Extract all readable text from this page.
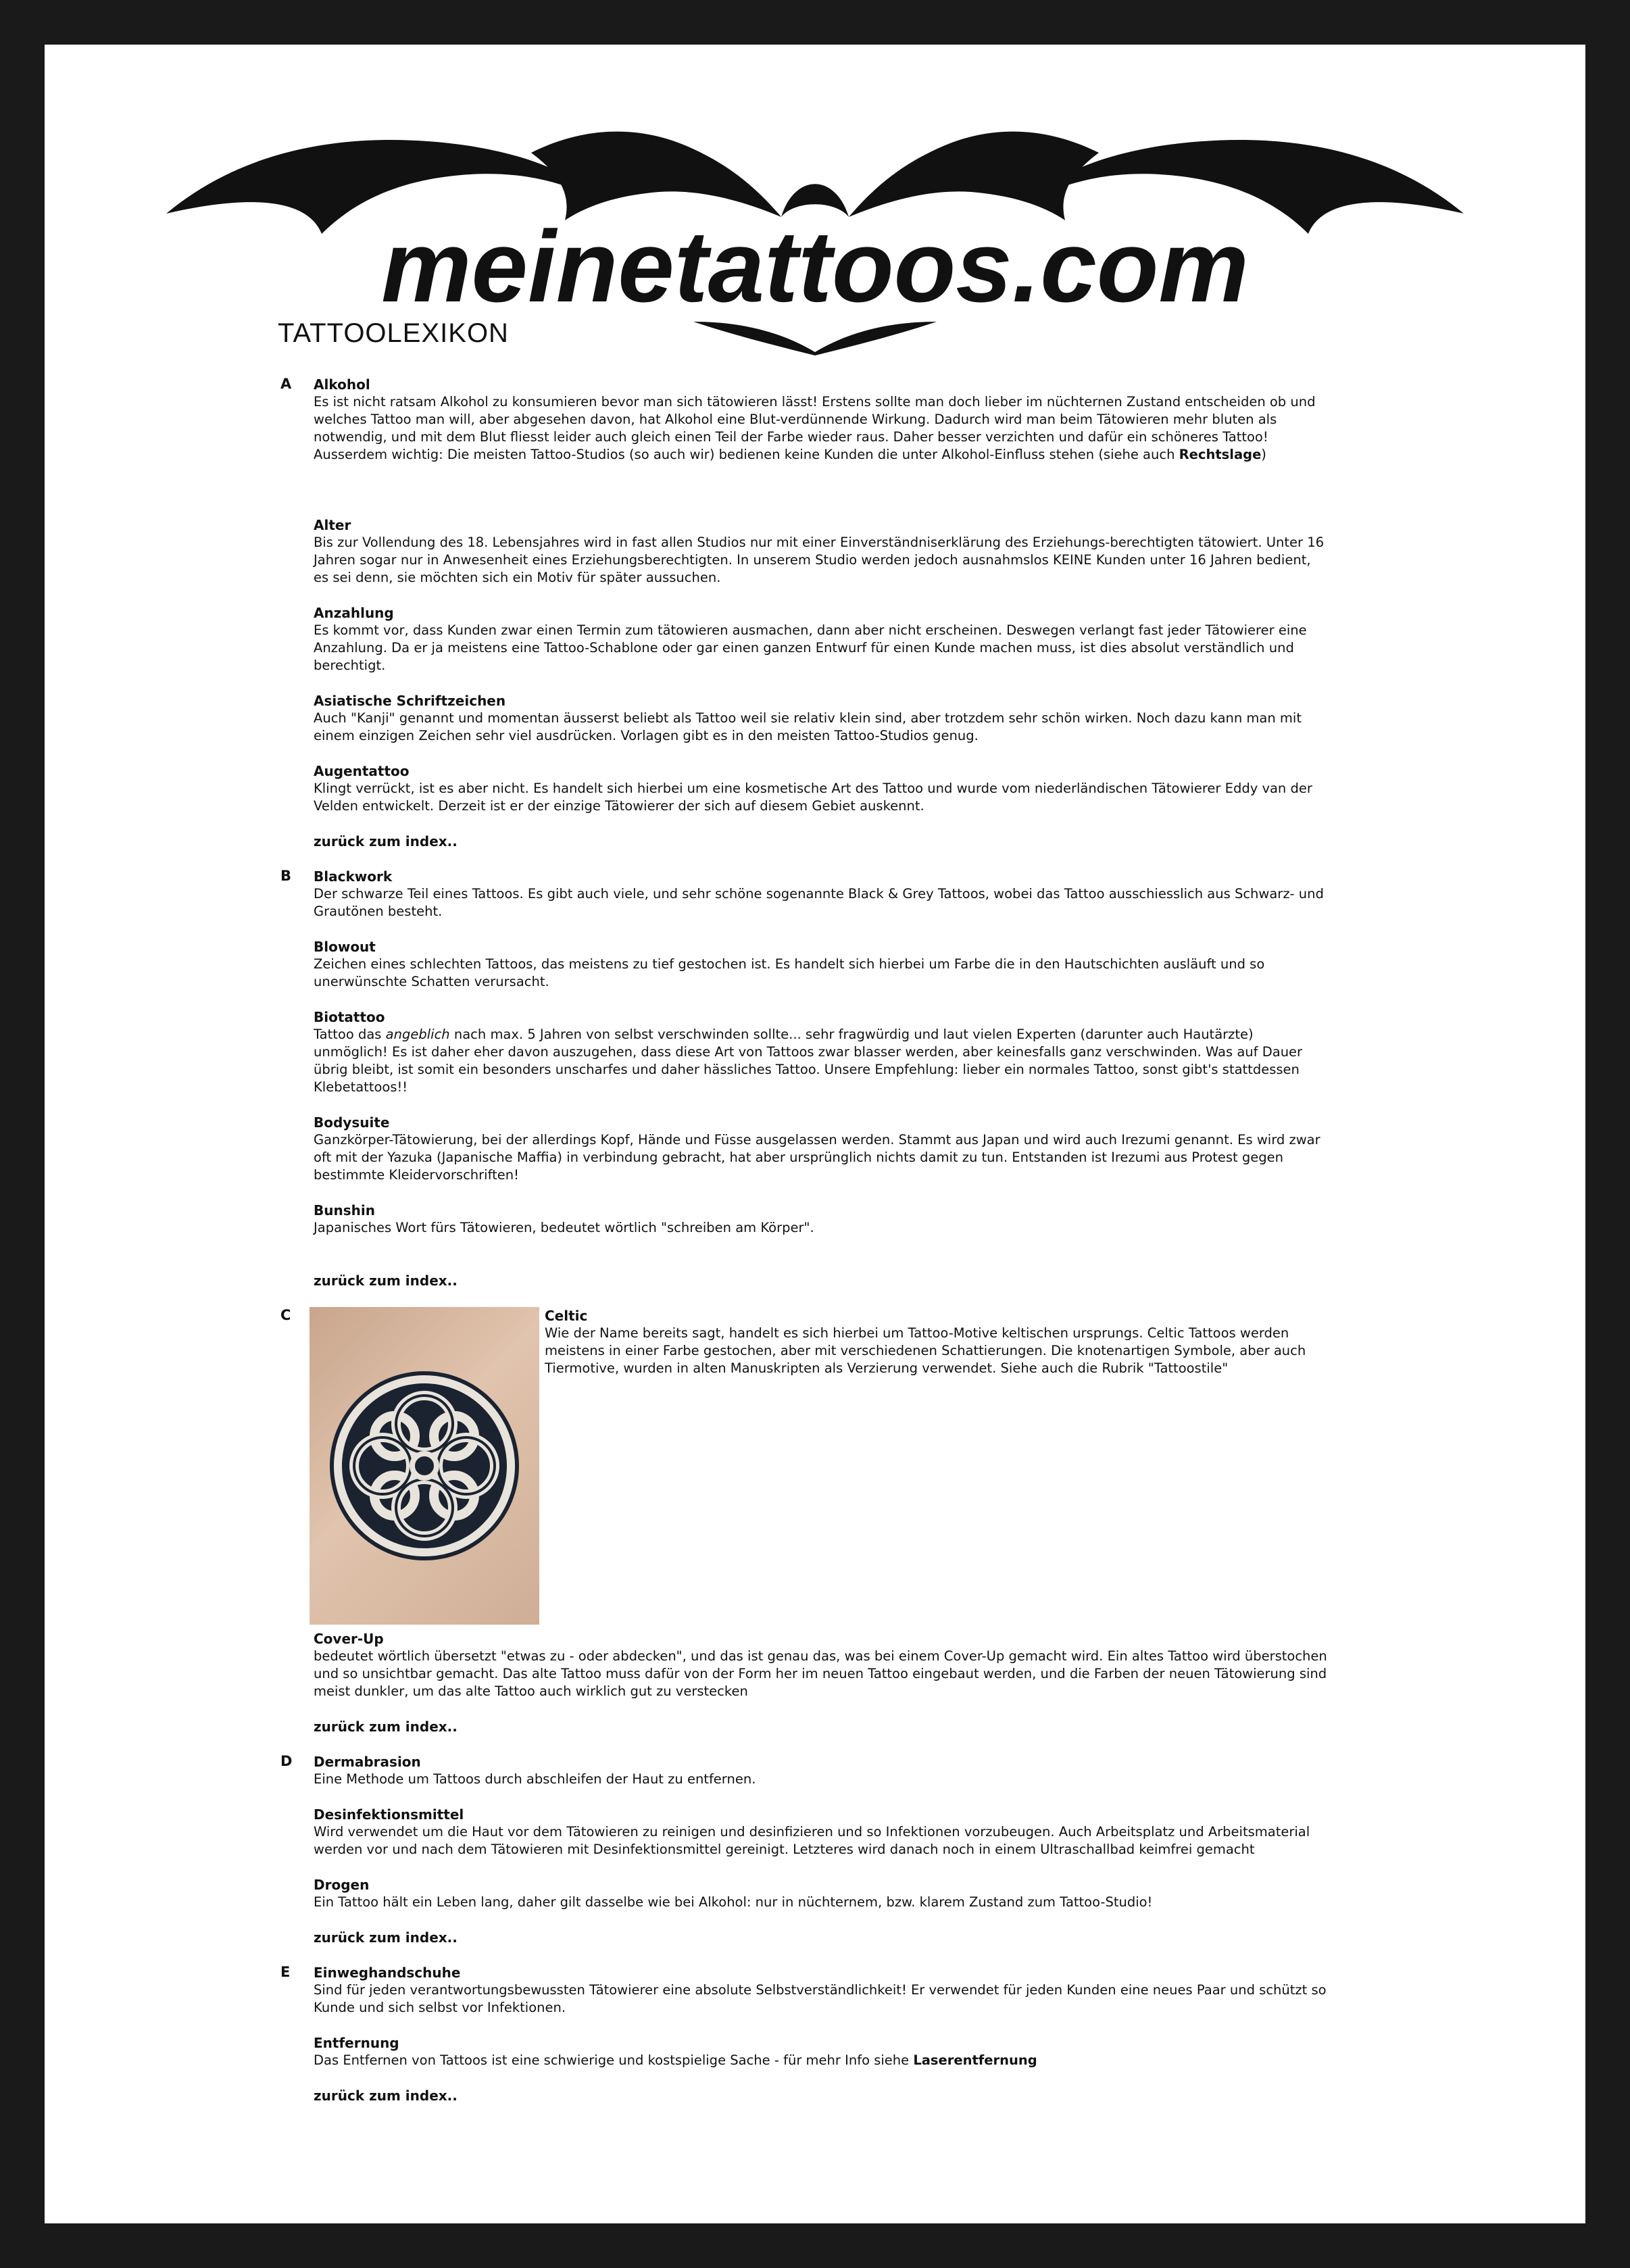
meinetattoos.com
TATTOOLEXIKON
A Alkohol

Es ist nicht ratsam Alkohol zu konsumieren bevor man sich tätowieren lässt! Erstens sollte man doch lieber im nüchternen Zustand entscheiden ob und welches Tattoo man will, aber abgesehen davon, hat Alkohol eine Blut-verdünnende Wirkung. Dadurch wird man beim Tätowieren mehr bluten als notwendig, und mit dem Blut fliesst leider auch gleich einen Teil der Farbe wieder raus. Daher besser verzichten und dafür ein schöneres Tattoo! Ausserdem wichtig: Die meisten Tattoo-Studios (so auch wir) bedienen keine Kunden die unter Alkohol-Einfluss stehen (siehe auch Rechtslage)

Alter

Bis zur Vollendung des 18. Lebensjahres wird in fast allen Studios nur mit einer Einverständniserklärung des Erziehungs-berechtigten tätowiert. Unter 16 Jahren sogar nur in Anwesenheit eines Erziehungsberechtigten. In unserem Studio werden jedoch ausnahmslos KEINE Kunden unter 16 Jahren bedient, es sei denn, sie möchten sich ein Motiv für später aussuchen.

Anzahlung

Es kommt vor, dass Kunden zwar einen Termin zum tätowieren ausmachen, dann aber nicht erscheinen. Deswegen verlangt fast jeder Tätowierer eine Anzahlung. Da er ja meistens eine Tattoo-Schablone oder gar einen ganzen Entwurf für einen Kunde machen muss, ist dies absolut verständlich und berechtigt.

Asiatische Schriftzeichen

Auch "Kanji" genannt und momentan äusserst beliebt als Tattoo weil sie relativ klein sind, aber trotzdem sehr schön wirken. Noch dazu kann man mit einem einzigen Zeichen sehr viel ausdrücken. Vorlagen gibt es in den meisten Tattoo-Studios genug.

Augentattoo

Klingt verrückt, ist es aber nicht. Es handelt sich hierbei um eine kosmetische Art des Tattoo und wurde vom niederländischen Tätowierer Eddy van der Velden entwickelt. Derzeit ist er der einzige Tätowierer der sich auf diesem Gebiet auskennt.

zurück zum index..
B Blackwork

Der schwarze Teil eines Tattoos. Es gibt auch viele, und sehr schöne sogenannte Black & Grey Tattoos, wobei das Tattoo ausschiesslich aus Schwarz- und Grautönen besteht.

Blowout

Zeichen eines schlechten Tattoos, das meistens zu tief gestochen ist. Es handelt sich hierbei um Farbe die in den Hautschichten ausläuft und so unerwünschte Schatten verursacht.

Biotattoo

Tattoo das angeblich nach max. 5 Jahren von selbst verschwinden sollte... sehr fragwürdig und laut vielen Experten (darunter auch Hautärzte) unmöglich! Es ist daher eher davon auszugehen, dass diese Art von Tattoos zwar blasser werden, aber keinesfalls ganz verschwinden. Was auf Dauer übrig bleibt, ist somit ein besonders unscharfes und daher hässliches Tattoo. Unsere Empfehlung: lieber ein normales Tattoo, sonst gibt's stattdessen Klebetattoos!!

Bodysuite

Ganzkörper-Tätowierung, bei der allerdings Kopf, Hände und Füsse ausgelassen werden. Stammt aus Japan und wird auch Irezumi genannt. Es wird zwar oft mit der Yazuka (Japanische Maffia) in verbindung gebracht, hat aber ursprünglich nichts damit zu tun. Entstanden ist Irezumi aus Protest gegen bestimmte Kleidervorschriften!

Bunshin

Japanisches Wort fürs Tätowieren, bedeutet wörtlich "schreiben am Körper".

zurück zum index..
C	Celtic

Wie der Name bereits sagt, handelt es sich hierbei um Tattoo-Motive keltischen ursprungs. Celtic Tattoos werden meistens in einer Farbe gestochen, aber mit verschiedenen Schattierungen. Die knotenartigen Symbole, aber auch Tiermotive, wurden in alten Manuskripten als Verzierung verwendet. Siehe auch die Rubrik "Tattoostile"

Cover-Up

bedeutet wörtlich übersetzt "etwas zu - oder abdecken", und das ist genau das, was bei einem Cover-Up gemacht wird. Ein altes Tattoo wird überstochen und so unsichtbar gemacht. Das alte Tattoo muss dafür von der Form her im neuen Tattoo eingebaut werden, und die Farben der neuen Tätowierung sind meist dunkler, um das alte Tattoo auch wirklich gut zu verstecken

zurück zum index..
D Dermabrasion

Eine Methode um Tattoos durch abschleifen der Haut zu entfernen.

Desinfektionsmittel

Wird verwendet um die Haut vor dem Tätowieren zu reinigen und desinfizieren und so Infektionen vorzubeugen. Auch Arbeitsplatz und Arbeitsmaterial werden vor und nach dem Tätowieren mit Desinfektionsmittel gereinigt. Letzteres wird danach noch in einem Ultraschallbad keimfrei gemacht

Drogen

Ein Tattoo hält ein Leben lang, daher gilt dasselbe wie bei Alkohol: nur in nüchternem, bzw. klarem Zustand zum Tattoo-Studio!

zurück zum index..
E Einweghandschuhe

Sind für jeden verantwortungsbewussten Tätowierer eine absolute Selbstverständlichkeit! Er verwendet für jeden Kunden eine neues Paar und schützt so Kunde und sich selbst vor Infektionen.

Entfernung

Das Entfernen von Tattoos ist eine schwierige und kostspielige Sache - für mehr Info siehe Laserentfernung

zurück zum index..
